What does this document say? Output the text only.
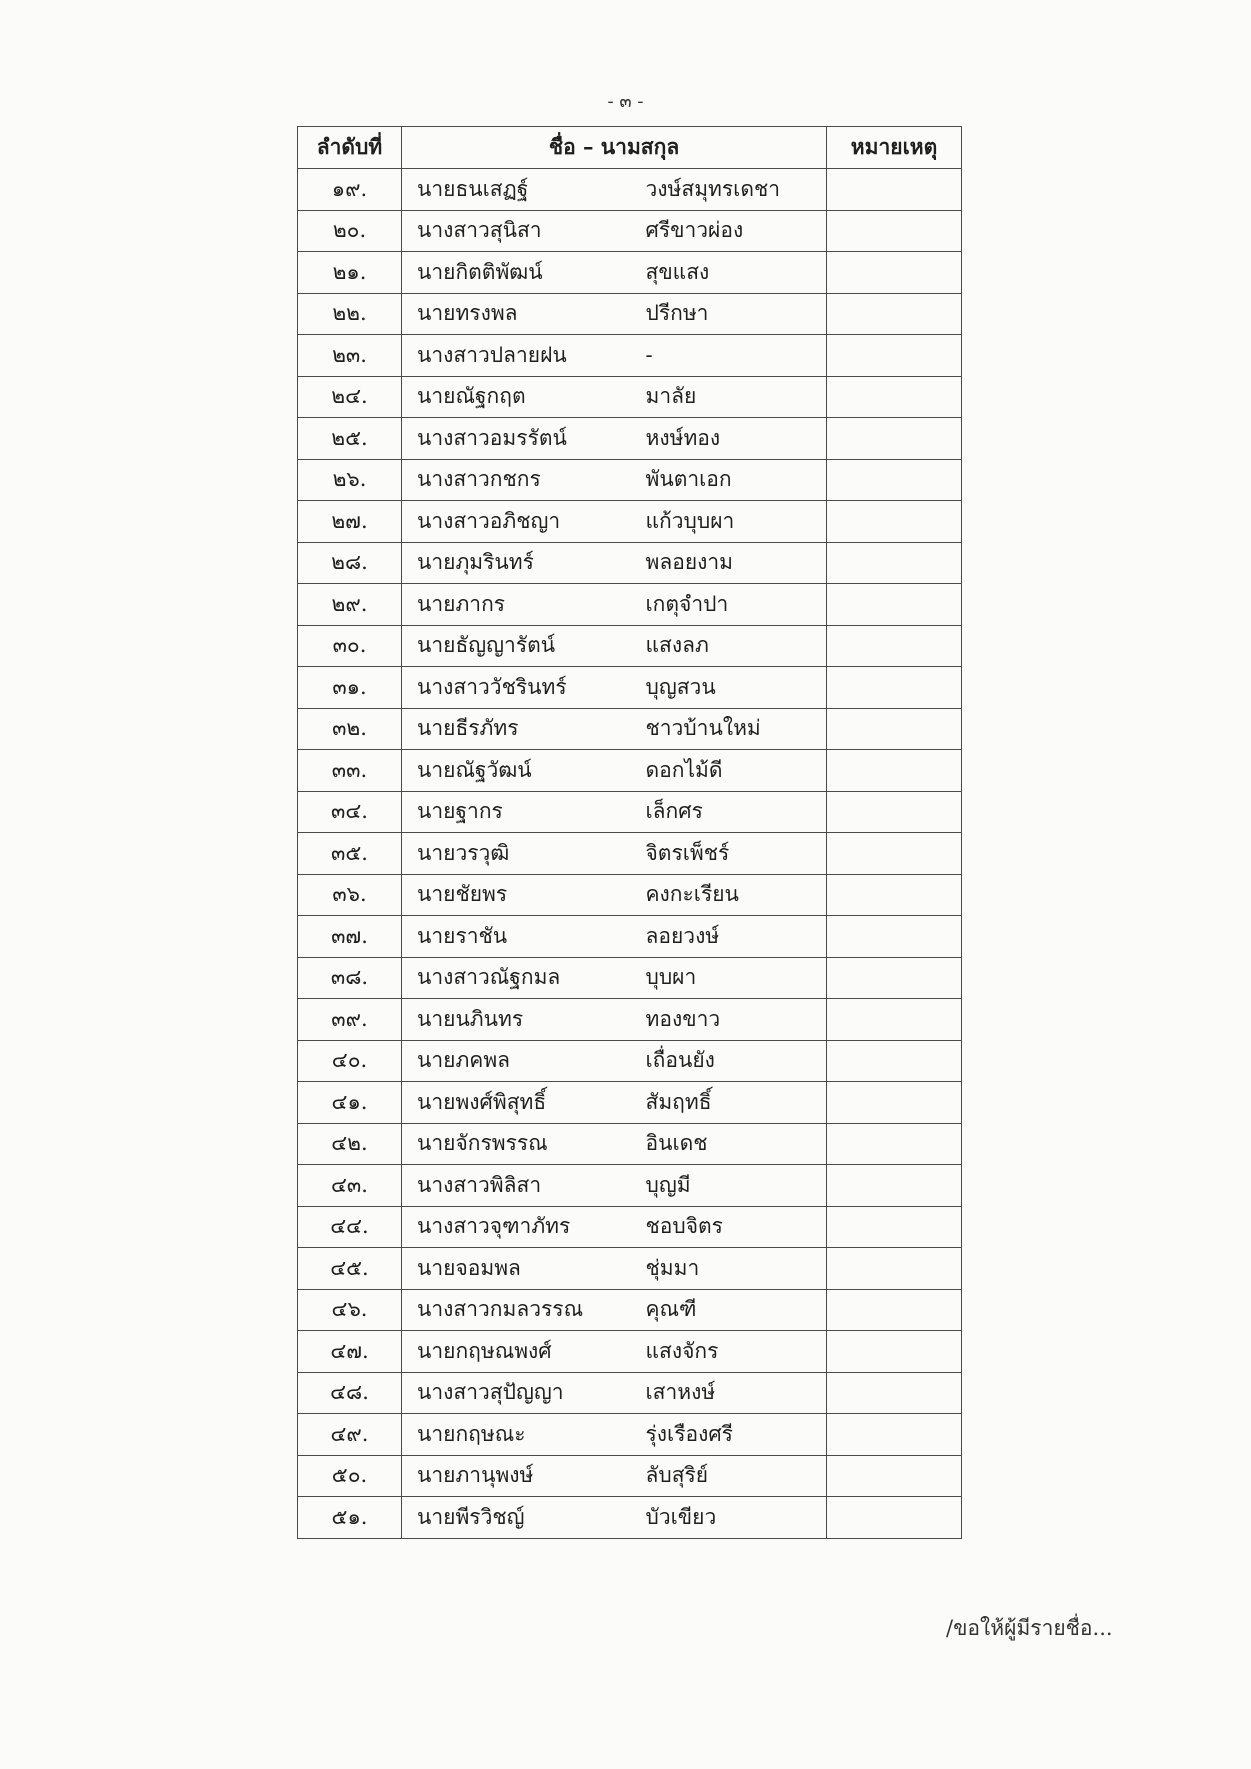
- ๓ -
ลำดับที่	ชื่อ – นามสกุล		หมายเหตุ
๑๙.	นายธนเสฏฐ์	วงษ์สมุทรเดชา	
๒๐.	นางสาวสุนิสา	ศรีขาวผ่อง	
๒๑.	นายกิตติพัฒน์	สุขแสง	
๒๒.	นายทรงพล	ปรีกษา	
๒๓.	นางสาวปลายฝน	-	
๒๔.	นายณัฐกฤต	มาลัย	
๒๕.	นางสาวอมรรัตน์	หงษ์ทอง	
๒๖.	นางสาวกชกร	พันตาเอก	
๒๗.	นางสาวอภิชญา	แก้วบุบผา	
๒๘.	นายภุมรินทร์	พลอยงาม	
๒๙.	นายภากร	เกตุจำปา	
๓๐.	นายธัญญารัตน์	แสงลภ	
๓๑.	นางสาววัชรินทร์	บุญสวน	
๓๒.	นายธีรภัทร	ชาวบ้านใหม่	
๓๓.	นายณัฐวัฒน์	ดอกไม้ดี	
๓๔.	นายฐากร	เล็กศร	
๓๕.	นายวรวุฒิ	จิตรเพ็ชร์	
๓๖.	นายชัยพร	คงกะเรียน	
๓๗.	นายราชัน	ลอยวงษ์	
๓๘.	นางสาวณัฐกมล	บุบผา	
๓๙.	นายนภินทร	ทองขาว	
๔๐.	นายภคพล	เถื่อนยัง	
๔๑.	นายพงศ์พิสุทธิ์	สัมฤทธิ์	
๔๒.	นายจักรพรรณ	อินเดช	
๔๓.	นางสาวพิลิสา	บุญมี	
๔๔.	นางสาวจุฑาภัทร	ชอบจิตร	
๔๕.	นายจอมพล	ชุ่มมา	
๔๖.	นางสาวกมลวรรณ	คุณฑี	
๔๗.	นายกฤษณพงศ์	แสงจักร	
๔๘.	นางสาวสุปัญญา	เสาหงษ์	
๔๙.	นายกฤษณะ	รุ่งเรืองศรี	
๕๐.	นายภานุพงษ์	ลับสุริย์	
๕๑.	นายพีรวิชญ์	บัวเขียว	
/ขอให้ผู้มีรายชื่อ...
